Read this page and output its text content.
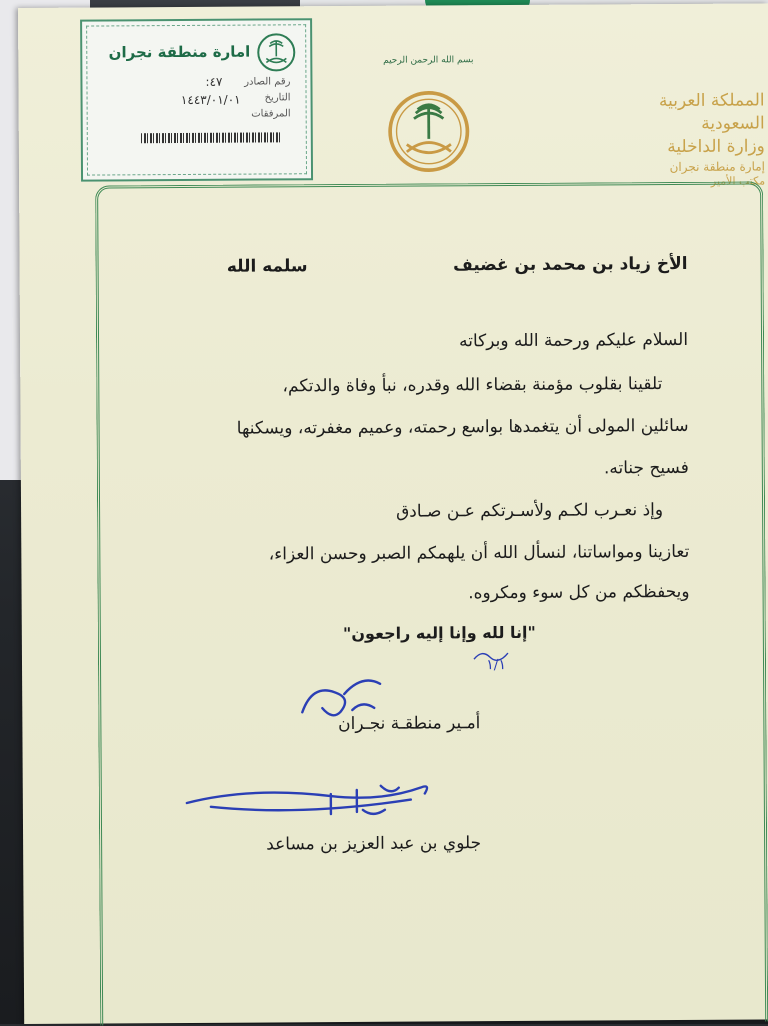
امارة منطقة نجران
رقم الصادر
٤٧:
التاريخ
١٤٤٣/٠١/٠١
المرفقات
بسم الله الرحمن الرحيم
المملكة العربية السعودية
وزارة الداخلية
إمارة منطقة نجران
مكتب الأمير
الأخ زياد بن محمد بن غضيف
سلمه الله
السلام عليكم ورحمة الله وبركاته
تلقينا بقلوب مؤمنة بقضاء الله وقدره، نبأ وفاة والدتكم،
سائلين المولى أن يتغمدها بواسع رحمته، وعميم مغفرته، ويسكنها
فسيح جناته.
وإذ نعـرب لكـم ولأسـرتكم عـن صـادق
تعازينا ومواساتنا، لنسأل الله أن يلهمكم الصبر وحسن العزاء،
ويحفظكم من كل سوء ومكروه.
"إنا لله وإنا إليه راجعون"
١/١
أمـير منطقـة نجـران
جلوي بن عبد العزيز بن مساعد
